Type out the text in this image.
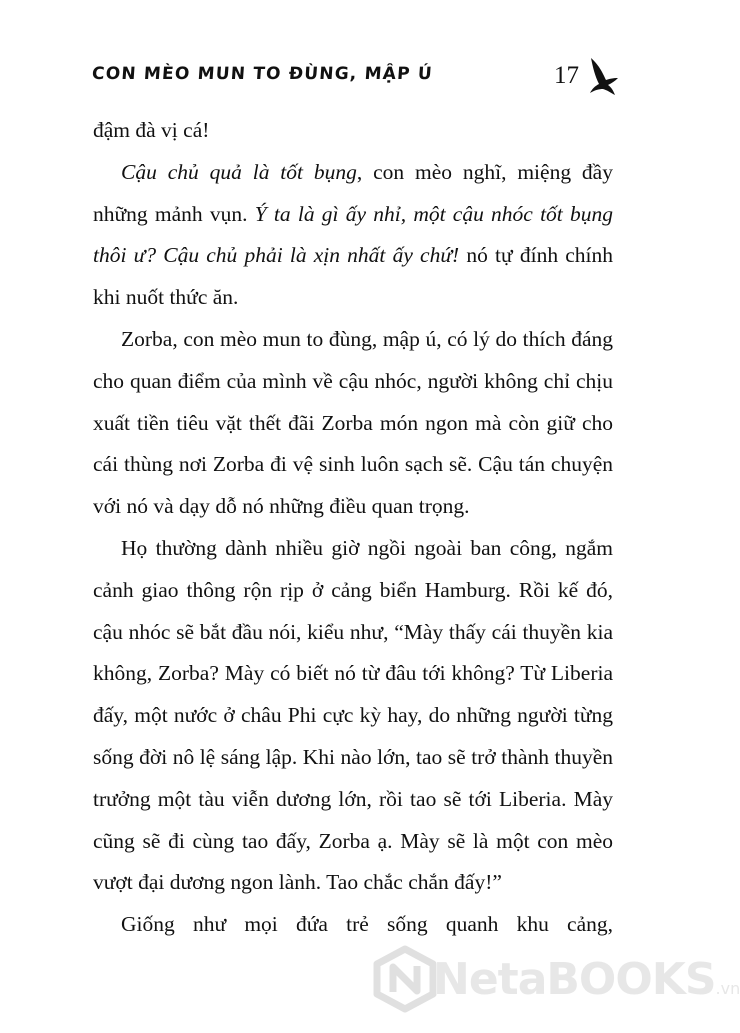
CON MÈO MUN TO ĐÙNG, MẬP Ú	17

đậm đà vị cá!

Cậu chủ quả là tốt bụng, con mèo nghĩ, miệng đầy những mảnh vụn. Ý ta là gì ấy nhỉ, một cậu nhóc tốt bụng thôi ư? Cậu chủ phải là xịn nhất ấy chứ! nó tự đính chính khi nuốt thức ăn.

Zorba, con mèo mun to đùng, mập ú, có lý do thích đáng cho quan điểm của mình về cậu nhóc, người không chỉ chịu xuất tiền tiêu vặt thết đãi Zorba món ngon mà còn giữ cho cái thùng nơi Zorba đi vệ sinh luôn sạch sẽ. Cậu tán chuyện với nó và dạy dỗ nó những điều quan trọng.

Họ thường dành nhiều giờ ngồi ngoài ban công, ngắm cảnh giao thông rộn rịp ở cảng biển Hamburg. Rồi kế đó, cậu nhóc sẽ bắt đầu nói, kiểu như, “Mày thấy cái thuyền kia không, Zorba? Mày có biết nó từ đâu tới không? Từ Liberia đấy, một nước ở châu Phi cực kỳ hay, do những người từng sống đời nô lệ sáng lập. Khi nào lớn, tao sẽ trở thành thuyền trưởng một tàu viễn dương lớn, rồi tao sẽ tới Liberia. Mày cũng sẽ đi cùng tao đấy, Zorba ạ. Mày sẽ là một con mèo vượt đại dương ngon lành. Tao chắc chắn đấy!”

Giống như mọi đứa trẻ sống quanh khu cảng,

NetaBOOKS.vn
